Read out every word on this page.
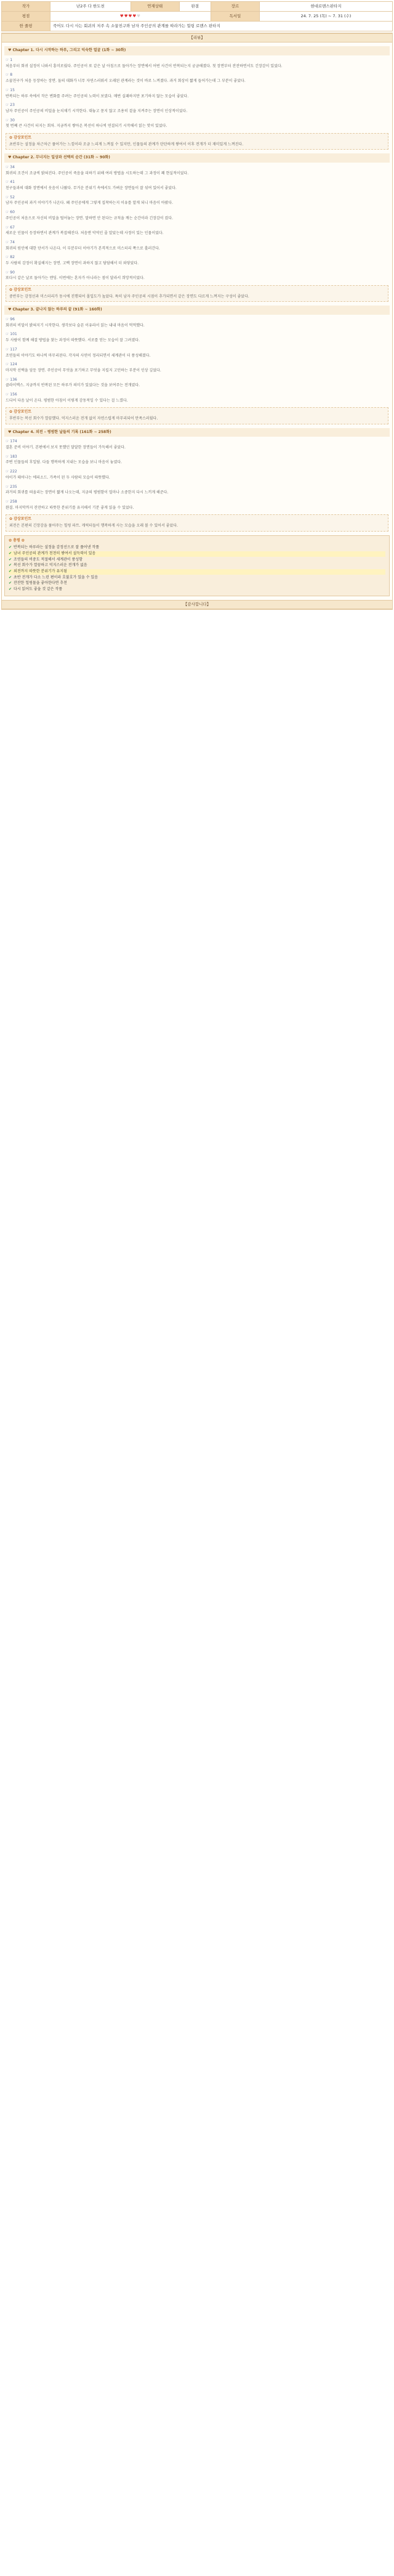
작가	난2주 다 한도천	연재상태	완결	장르	현대로맨스판타지
평점	♥♥♥♥♥			독서일	24. 7. 25 (목) ~ 7. 31 (수)
한 줄평	죽어도 다시 사는 회귀의 저주 속 소꿉친구와 남자 주인공의 관계를 따라가는 힐링 로맨스 판타지				
【리뷰】
♥ Chapter 1. 다시 시작하는 하루, 그리고 익숙한 얼굴 (1화 ~ 30화)
☞ 1
처음부터 회귀 설정이 나와서 흥미로웠다. 주인공이 또 같은 날 아침으로 돌아가는 장면에서 어떤 사건이 반복되는지 궁금해졌다. 첫 장면부터 잔잔하면서도 긴장감이 있었다.
☞ 8
소꿉친구가 처음 등장하는 장면. 둘의 대화가 너무 자연스러워서 오래된 관계라는 것이 바로 느껴졌다. 과거 회상이 짧게 들어가는데 그 부분이 좋았다.
☞ 15
반복되는 하루 속에서 작은 변화를 주려는 주인공의 노력이 보였다. 매번 실패하지만 포기하지 않는 모습이 좋았다.
☞ 23
남자 주인공이 주인공의 비밀을 눈치채기 시작한다. 대놓고 묻지 않고 조용히 곁을 지켜주는 장면이 인상적이었다.
☞ 30
첫 번째 큰 사건이 터지는 회차. 지금까지 쌓아온 복선이 하나씩 연결되기 시작해서 읽는 맛이 있었다.
✿ 감상포인트
초반부는 설정을 차근차근 풀어가는 느낌이라 조금 느리게 느껴질 수 있지만, 인물들의 관계가 탄탄하게 쌓여서 이후 전개가 더 재미있게 느껴진다.
♥ Chapter 2. 무너지는 일상과 선택의 순간 (31화 ~ 90화)
☞ 34
회귀의 조건이 조금씩 밝혀진다. 주인공이 죽음을 피하기 위해 여러 방법을 시도하는데 그 과정이 꽤 현실적이었다.
☞ 41
친구들과의 대화 장면에서 웃음이 나왔다. 무거운 분위기 속에서도 가벼운 장면들이 잘 섞여 있어서 좋았다.
☞ 52
남자 주인공의 과거 이야기가 나온다. 왜 주인공에게 그렇게 집착하는지 이유를 알게 되니 마음이 아팠다.
☞ 60
주인공이 처음으로 자신의 비밀을 털어놓는 장면. 말하면 안 된다는 규칙을 깨는 순간이라 긴장감이 컸다.
☞ 67
새로운 인물이 등장하면서 관계가 복잡해진다. 처음엔 악역인 줄 알았는데 사정이 있는 인물이었다.
☞ 74
회귀의 원인에 대한 단서가 나온다. 이 부분부터 이야기가 본격적으로 미스터리 쪽으로 흘러간다.
☞ 82
두 사람의 감정이 확실해지는 장면. 고백 장면이 과하지 않고 담담해서 더 와닿았다.
☞ 90
또다시 같은 날로 돌아가는 엔딩. 이번에는 혼자가 아니라는 점이 달라서 희망적이었다.
✿ 감상포인트
중반부는 감정선과 미스터리가 동시에 진행되어 몰입도가 높았다. 특히 남자 주인공의 시점이 추가되면서 같은 장면도 다르게 느껴지는 구성이 좋았다.
♥ Chapter 3. 끝나지 않는 하루의 끝 (91화 ~ 160화)
☞ 96
회귀의 비밀이 밝혀지기 시작한다. 생각보다 슬픈 이유라서 읽는 내내 마음이 먹먹했다.
☞ 101
두 사람이 함께 해결 방법을 찾는 과정이 따뜻했다. 서로를 믿는 모습이 잘 그려졌다.
☞ 117
조연들의 이야기도 하나씩 마무리된다. 각자의 사연이 정리되면서 세계관이 더 풍성해졌다.
☞ 124
마지막 선택을 앞둔 장면. 주인공이 무엇을 포기하고 무엇을 지킬지 고민하는 부분이 인상 깊었다.
☞ 136
클라이맥스. 지금까지 반복된 모든 하루가 의미가 있었다는 것을 보여주는 전개였다.
☞ 156
드디어 다음 날이 온다. 평범한 아침이 이렇게 감동적일 수 있다는 걸 느꼈다.
✿ 감상포인트
후반부는 복선 회수가 깔끔했다. 억지스러운 전개 없이 자연스럽게 마무리되어 만족스러웠다.
♥ Chapter 4. 외전 – 평범한 날들의 기록 (161화 ~ 258화)
☞ 174
결혼 준비 이야기. 본편에서 보지 못했던 달달한 장면들이 가득해서 좋았다.
☞ 183
주변 인물들의 후일담. 다들 행복하게 지내는 모습을 보니 마음이 놓였다.
☞ 222
아이가 태어나는 에피소드. 가족이 된 두 사람의 모습이 따뜻했다.
☞ 235
과거의 회귀를 떠올리는 장면이 짧게 나오는데, 지금의 평범함이 얼마나 소중한지 다시 느끼게 해준다.
☞ 258
완결. 마지막까지 잔잔하고 따뜻한 분위기를 유지해서 기분 좋게 읽을 수 있었다.
✿ 감상포인트
외전은 본편의 긴장감을 풀어주는 힐링 파트. 캐릭터들이 행복하게 사는 모습을 오래 볼 수 있어서 좋았다.
✿ 총평 ✿
✔ 반복되는 하루라는 설정을 감정선으로 잘 풀어낸 작품
✔ 남녀 주인공의 관계가 천천히 쌓여서 설득력이 있음
✔ 조연들의 비중도 적절해서 세계관이 풍성함
✔ 복선 회수가 깔끔하고 억지스러운 전개가 없음
✔ 외전까지 따뜻한 분위기가 유지됨
✔ 초반 전개가 다소 느린 편이라 호불호가 있을 수 있음
✔ 잔잔한 힐링물을 좋아한다면 추천
✔ 다시 읽어도 좋을 것 같은 작품
【감사합니다】
